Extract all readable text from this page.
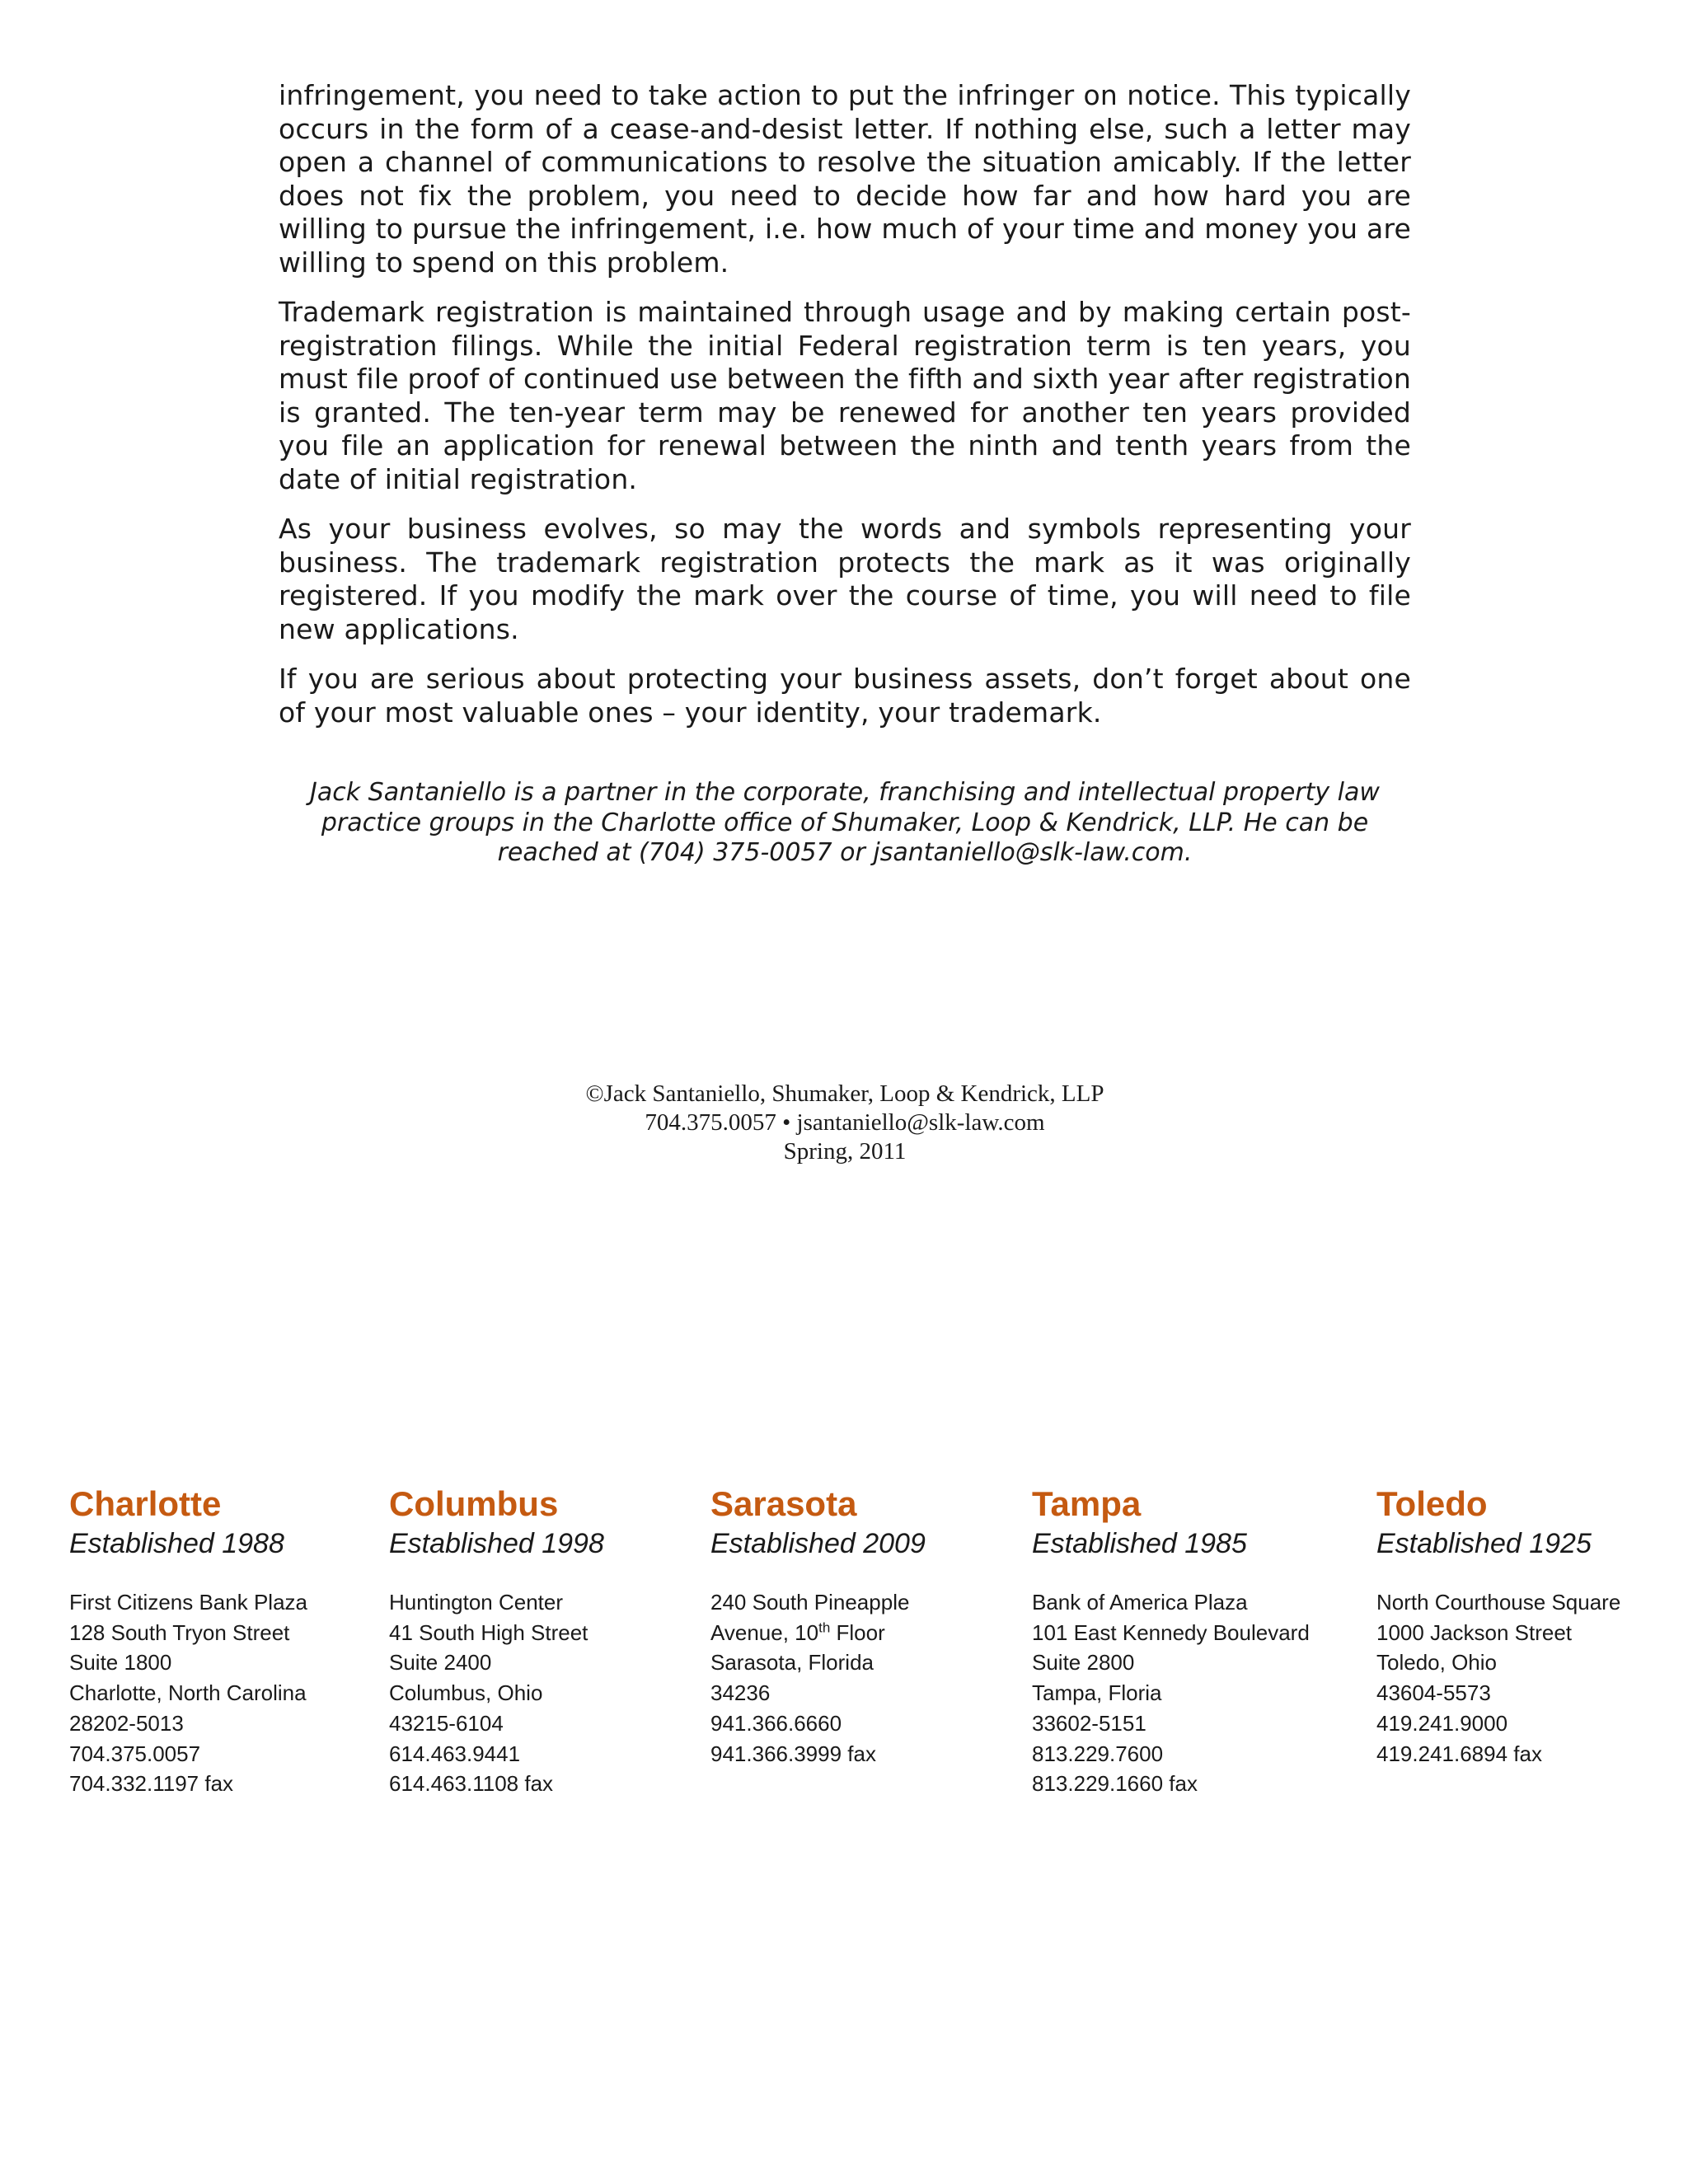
infringement, you need to take action to put the infringer on notice. This typically occurs in the form of a cease-and-desist letter. If nothing else, such a letter may open a channel of communications to resolve the situation amicably. If the letter does not fix the problem, you need to decide how far and how hard you are willing to pursue the infringement, i.e. how much of your time and money you are willing to spend on this problem.

Trademark registration is maintained through usage and by making certain post-registration filings. While the initial Federal registration term is ten years, you must file proof of continued use between the fifth and sixth year after registration is granted. The ten-year term may be renewed for another ten years provided you file an application for renewal between the ninth and tenth years from the date of initial registration.

As your business evolves, so may the words and symbols representing your business. The trademark registration protects the mark as it was originally registered. If you modify the mark over the course of time, you will need to file new applications.

If you are serious about protecting your business assets, don’t forget about one of your most valuable ones – your identity, your trademark.

Jack Santaniello is a partner in the corporate, franchising and intellectual property law practice groups in the Charlotte office of Shumaker, Loop & Kendrick, LLP. He can be reached at (704) 375-0057 or jsantaniello@slk-law.com.
©Jack Santaniello, Shumaker, Loop & Kendrick, LLP
704.375.0057 • jsantaniello@slk-law.com
Spring, 2011
Charlotte
Established 1988
First Citizens Bank Plaza
128 South Tryon Street
Suite 1800
Charlotte, North Carolina
28202-5013
704.375.0057
704.332.1197 fax
Columbus
Established 1998
Huntington Center
41 South High Street
Suite 2400
Columbus, Ohio
43215-6104
614.463.9441
614.463.1108 fax
Sarasota
Established 2009
240 South Pineapple
Avenue, 10th Floor
Sarasota, Florida
34236
941.366.6660
941.366.3999 fax
Tampa
Established 1985
Bank of America Plaza
101 East Kennedy Boulevard
Suite 2800
Tampa, Floria
33602-5151
813.229.7600
813.229.1660 fax
Toledo
Established 1925
North Courthouse Square
1000 Jackson Street
Toledo, Ohio
43604-5573
419.241.9000
419.241.6894 fax
